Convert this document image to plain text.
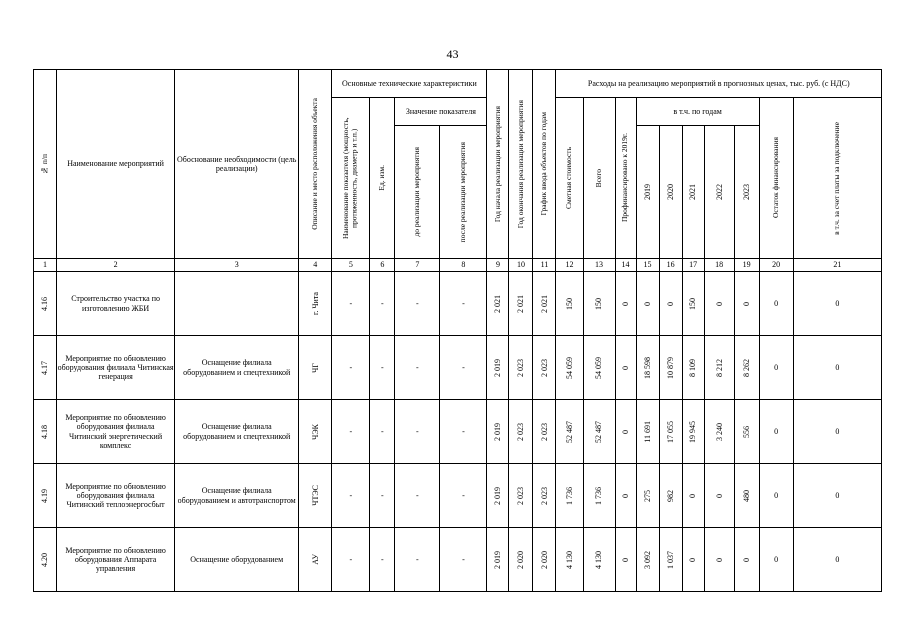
43
№ п/п	Наименование мероприятий	Обоснование необходимости (цель реализации)	Описание и место расположения объекта	Основные технические характеристики				Год начала реализации мероприятия	Год окончания реализации мероприятия	График ввода объектов по годам	Расходы на реализацию мероприятий в прогнозных ценах, тыс. руб. (с НДС)									

				Наименование показателя (мощность, протяженность, диаметр и т.п.)	Ед. изм.	Значение показателя					Сметная стоимость	Всего	Профинансировано к 2019г.	в т.ч. по годам					Остаток финансирования	в т.ч. за счет платы за подключение

						до реализации мероприятия	после реализации мероприятия							2019	2020	2021	2022	2023		

1	2	3	4	5	6	7	8	9	10	11	12	13	14	15	16	17	18	19	20	21

4.16	Строительство участка по изготовлению ЖБИ		г. Чита	-	-	-	-	2 021	2 021	2 021	150	150	0	0	0	150	0	0	0	0

4.17	Мероприятие по обновлению оборудования филиала Читинская генерация	Оснащение филиала оборудованием и спецтехникой	ЧГ	-	-	-	-	2 019	2 023	2 023	54 059	54 059	0	18 598	10 879	8 109	8 212	8 262	0	0

4.18	Мероприятие по обновлению оборудования филиала Читинский энергетический комплекс	Оснащение филиала оборудованием и спецтехникой	ЧЭК	-	-	-	-	2 019	2 023	2 023	52 487	52 487	0	11 691	17 055	19 945	3 240	556	0	0

4.19	Мероприятие по обновлению оборудования филиала Читинский теплоэнергосбыт	Оснащение филиала оборудованием и автотранспортом	ЧТЭС	-	-	-	-	2 019	2 023	2 023	1 736	1 736	0	275	982	0	0	480	0	0

4.20	Мероприятие по обновлению оборудования Аппарата управления	Оснащение оборудованием	АУ	-	-	-	-	2 019	2 020	2 020	4 130	4 130	0	3 092	1 037	0	0	0	0	0
